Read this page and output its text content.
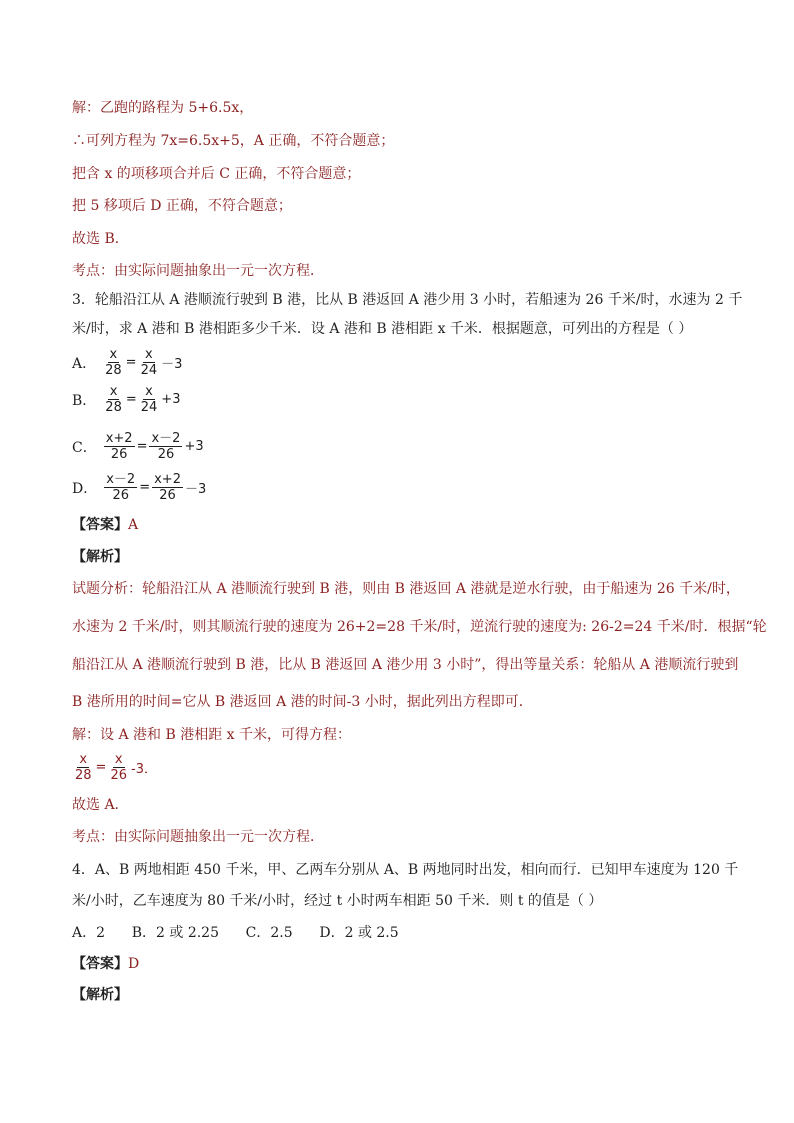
解：乙跑的路程为 5+6.5x，
∴可列方程为 7x=6.5x+5，A 正确，不符合题意；
把含 x 的项移项合并后 C 正确，不符合题意；
把 5 移项后 D 正确，不符合题意；
故选 B．
考点：由实际问题抽象出一元一次方程．
3．轮船沿江从 A 港顺流行驶到 B 港，比从 B 港返回 A 港少用 3 小时，若船速为 26 千米/时，水速为 2 千
米/时，求 A 港和 B 港相距多少千米．设 A 港和 B 港相距 x 千米．根据题意，可列出的方程是（ ）
A． $\frac{x}{28} = \frac{x}{24} -3$
B． $\frac{x}{28} = \frac{x}{24} +3$
C． $\frac{x+2}{26} = \frac{x-2}{26} +3$
D． $\frac{x-2}{26} = \frac{x+2}{26} -3$
【答案】A
【解析】
试题分析：轮船沿江从 A 港顺流行驶到 B 港，则由 B 港返回 A 港就是逆水行驶，由于船速为 26 千米/时，
水速为 2 千米/时，则其顺流行驶的速度为 26+2=28 千米/时，逆流行驶的速度为: 26-2=24 千米/时．根据“轮
船沿江从 A 港顺流行驶到 B 港，比从 B 港返回 A 港少用 3 小时”，得出等量关系：轮船从 A 港顺流行驶到
B 港所用的时间=它从 B 港返回 A 港的时间-3 小时，据此列出方程即可．
解：设 A 港和 B 港相距 x 千米，可得方程：
$\frac{x}{28} = \frac{x}{26} -3$．
故选 A．
考点：由实际问题抽象出一元一次方程．
4．A、B 两地相距 450 千米，甲、乙两车分别从 A、B 两地同时出发，相向而行．已知甲车速度为 120 千
米/小时，乙车速度为 80 千米/小时，经过 t 小时两车相距 50 千米．则 t 的值是（ ）
A．2      B．2 或 2.25      C．2.5      D．2 或 2.5
【答案】D
【解析】
